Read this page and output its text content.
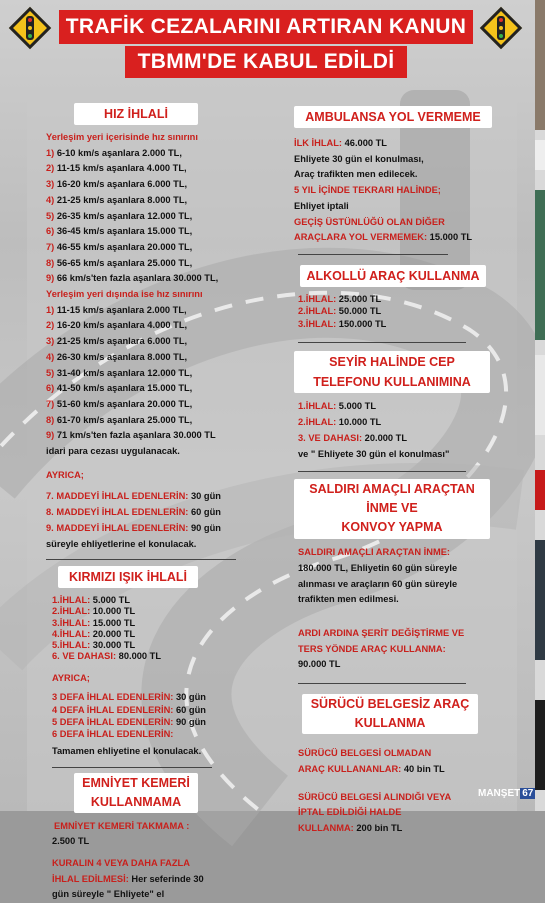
TRAFİK CEZALARINI ARTIRAN KANUN
TBMM'DE KABUL EDİLDİ
HIZ İHLALİ
Yerleşim yeri içerisinde hız sınırını
1) 6-10 km/s aşanlara 2.000 TL,
2) 11-15 km/s aşanlara 4.000 TL,
3) 16-20 km/s aşanlara 6.000 TL,
4) 21-25 km/s aşanlara 8.000 TL,
5) 26-35 km/s aşanlara 12.000 TL,
6) 36-45 km/s aşanlara 15.000 TL,
7) 46-55 km/s aşanlara 20.000 TL,
8) 56-65 km/s aşanlara 25.000 TL,
9) 66 km/s'ten fazla aşanlara 30.000 TL,
Yerleşim yeri dışında ise hız sınırını
1) 11-15 km/s aşanlara 2.000 TL,
2) 16-20 km/s aşanlara 4.000 TL,
3) 21-25 km/s aşanlara 6.000 TL,
4) 26-30 km/s aşanlara 8.000 TL,
5) 31-40 km/s aşanlara 12.000 TL,
6) 41-50 km/s aşanlara 15.000 TL,
7) 51-60 km/s aşanlara 20.000 TL,
8) 61-70 km/s aşanlara 25.000 TL,
9) 71 km/s'ten fazla aşanlara 30.000 TL
idari para cezası uygulanacak.
AYRICA;
7. MADDEYİ İHLAL EDENLERİN: 30 gün
8. MADDEYİ İHLAL EDENLERİN: 60 gün
9. MADDEYİ İHLAL EDENLERİN: 90 gün
süreyle ehliyetlerine el konulacak.
KIRMIZI IŞIK İHLALİ
1.İHLAL: 5.000 TL
2.İHLAL: 10.000 TL
3.İHLAL: 15.000 TL
4.İHLAL: 20.000 TL
5.İHLAL: 30.000 TL
6. VE DAHASI: 80.000 TL
AYRICA;
3 DEFA İHLAL EDENLERİN: 30 gün
4 DEFA İHLAL EDENLERİN: 60 gün
5 DEFA İHLAL EDENLERİN: 90 gün
6 DEFA İHLAL EDENLERİN:
Tamamen ehliyetine el konulacak.
EMNİYET KEMERİ
KULLANMAMA
EMNİYET KEMERİ TAKMAMA :
2.500 TL
KURALIN 4 VEYA DAHA FAZLA
İHLAL EDİLMESİ: Her seferinde 30
gün süreyle " Ehliyete" el
AMBULANSA YOL VERMEME
İLK İHLAL: 46.000 TL
Ehliyete 30 gün el konulması,
Araç trafikten men edilecek.
5 YIL İÇİNDE TEKRARI HALİNDE;
Ehliyet iptali
GEÇİŞ ÜSTÜNLÜĞÜ OLAN DİĞER
ARAÇLARA YOL VERMEMEK: 15.000 TL
ALKOLLÜ ARAÇ KULLANMA
1.İHLAL: 25.000 TL
2.İHLAL: 50.000 TL
3.İHLAL: 150.000 TL
SEYİR HALİNDE CEP
TELEFONU KULLANIMINA
1.İHLAL: 5.000 TL
2.İHLAL: 10.000 TL
3. VE DAHASI: 20.000 TL
ve " Ehliyete 30 gün el konulması"
SALDIRI AMAÇLI ARAÇTAN
İNME VE
KONVOY YAPMA
SALDIRI AMAÇLI ARAÇTAN İNME:
180.000 TL, Ehliyetin 60 gün süreyle
alınması ve araçların 60 gün süreyle
trafikten men edilmesi.
ARDI ARDINA ŞERİT DEĞİŞTİRME VE
TERS YÖNDE ARAÇ KULLANMA:
90.000 TL
SÜRÜCÜ BELGESİZ ARAÇ
KULLANMA
SÜRÜCÜ BELGESİ OLMADAN
ARAÇ KULLANANLAR: 40 bin TL
SÜRÜCÜ BELGESİ ALINDIĞI VEYA
İPTAL EDİLDİĞİ HALDE
KULLANMA: 200 bin TL
MANŞET 67
